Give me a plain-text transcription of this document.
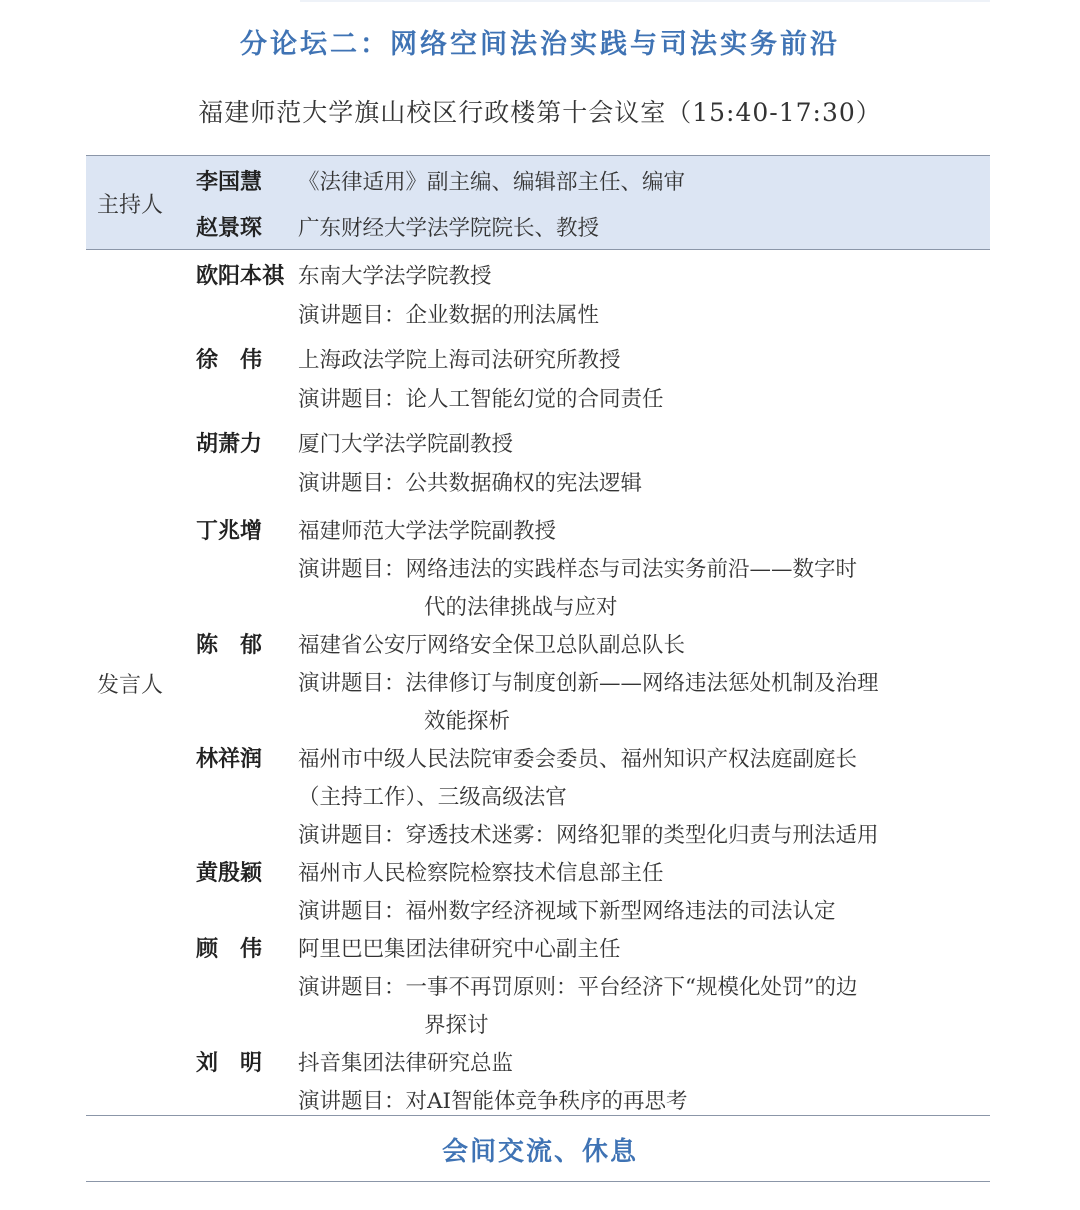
分论坛二：网络空间法治实践与司法实务前沿
福建师范大学旗山校区行政楼第十会议室（15:40-17:30）
主持人
李国慧 《法律适用》副主编、编辑部主任、编审
赵景琛 广东财经大学法学院院长、教授
发言人
欧阳本祺 东南大学法学院教授
演讲题目：企业数据的刑法属性
徐　伟 上海政法学院上海司法研究所教授
演讲题目：论人工智能幻觉的合同责任
胡萧力 厦门大学法学院副教授
演讲题目：公共数据确权的宪法逻辑
丁兆增 福建师范大学法学院副教授
演讲题目：网络违法的实践样态与司法实务前沿——数字时
代的法律挑战与应对
陈　郁 福建省公安厅网络安全保卫总队副总队长
演讲题目：法律修订与制度创新——网络违法惩处机制及治理
效能探析
林祥润 福州市中级人民法院审委会委员、福州知识产权法庭副庭长
（主持工作）、三级高级法官
演讲题目：穿透技术迷雾：网络犯罪的类型化归责与刑法适用
黄殷颖 福州市人民检察院检察技术信息部主任
演讲题目：福州数字经济视域下新型网络违法的司法认定
顾　伟 阿里巴巴集团法律研究中心副主任
演讲题目：一事不再罚原则：平台经济下“规模化处罚”的边
界探讨
刘　明 抖音集团法律研究总监
演讲题目：对AI智能体竞争秩序的再思考
会间交流、休息
